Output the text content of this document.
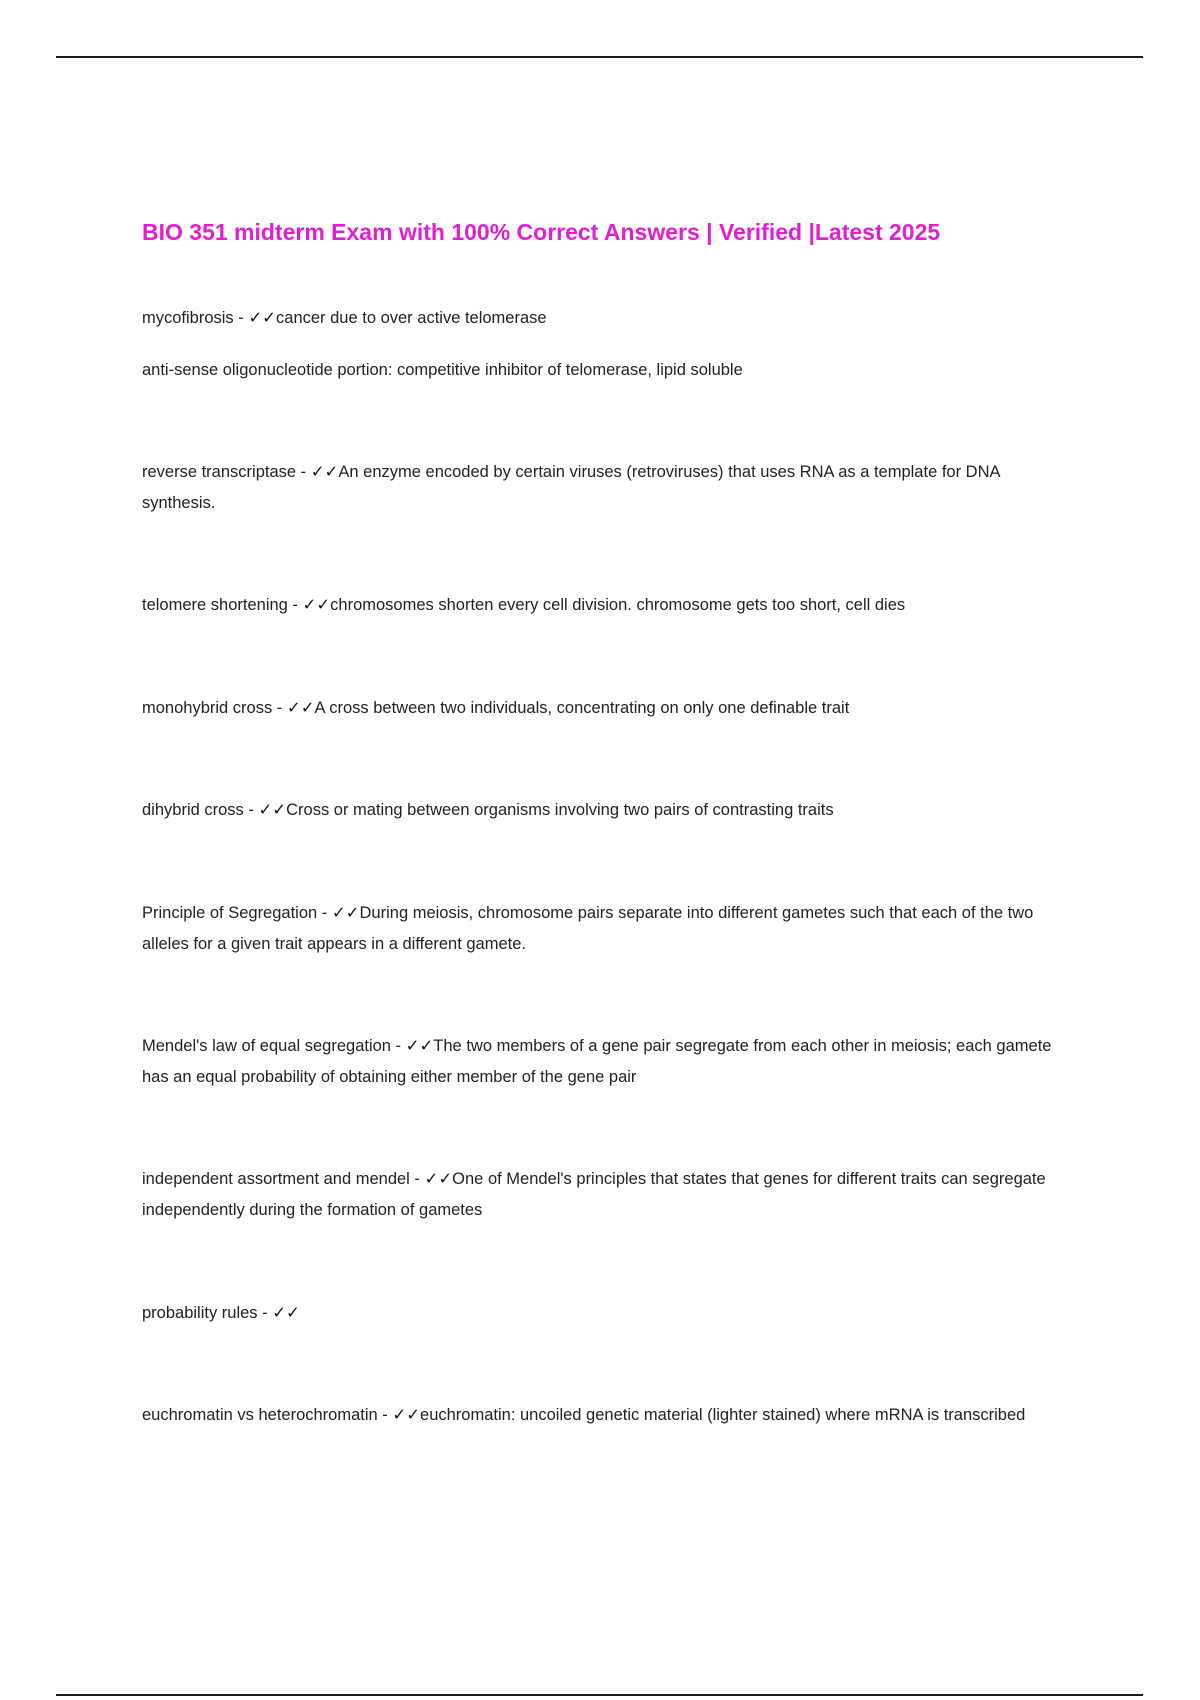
BIO 351 midterm Exam with 100% Correct Answers | Verified |Latest 2025
mycofibrosis - ✓✓cancer due to over active telomerase
anti-sense oligonucleotide portion: competitive inhibitor of telomerase, lipid soluble
reverse transcriptase - ✓✓An enzyme encoded by certain viruses (retroviruses) that uses RNA as a template for DNA synthesis.
telomere shortening - ✓✓chromosomes shorten every cell division. chromosome gets too short, cell dies
monohybrid cross - ✓✓A cross between two individuals, concentrating on only one definable trait
dihybrid cross - ✓✓Cross or mating between organisms involving two pairs of contrasting traits
Principle of Segregation - ✓✓During meiosis, chromosome pairs separate into different gametes such that each of the two alleles for a given trait appears in a different gamete.
Mendel's law of equal segregation - ✓✓The two members of a gene pair segregate from each other in meiosis; each gamete has an equal probability of obtaining either member of the gene pair
independent assortment and mendel - ✓✓One of Mendel's principles that states that genes for different traits can segregate independently during the formation of gametes
probability rules - ✓✓
euchromatin vs heterochromatin - ✓✓euchromatin: uncoiled genetic material (lighter stained) where mRNA is transcribed
